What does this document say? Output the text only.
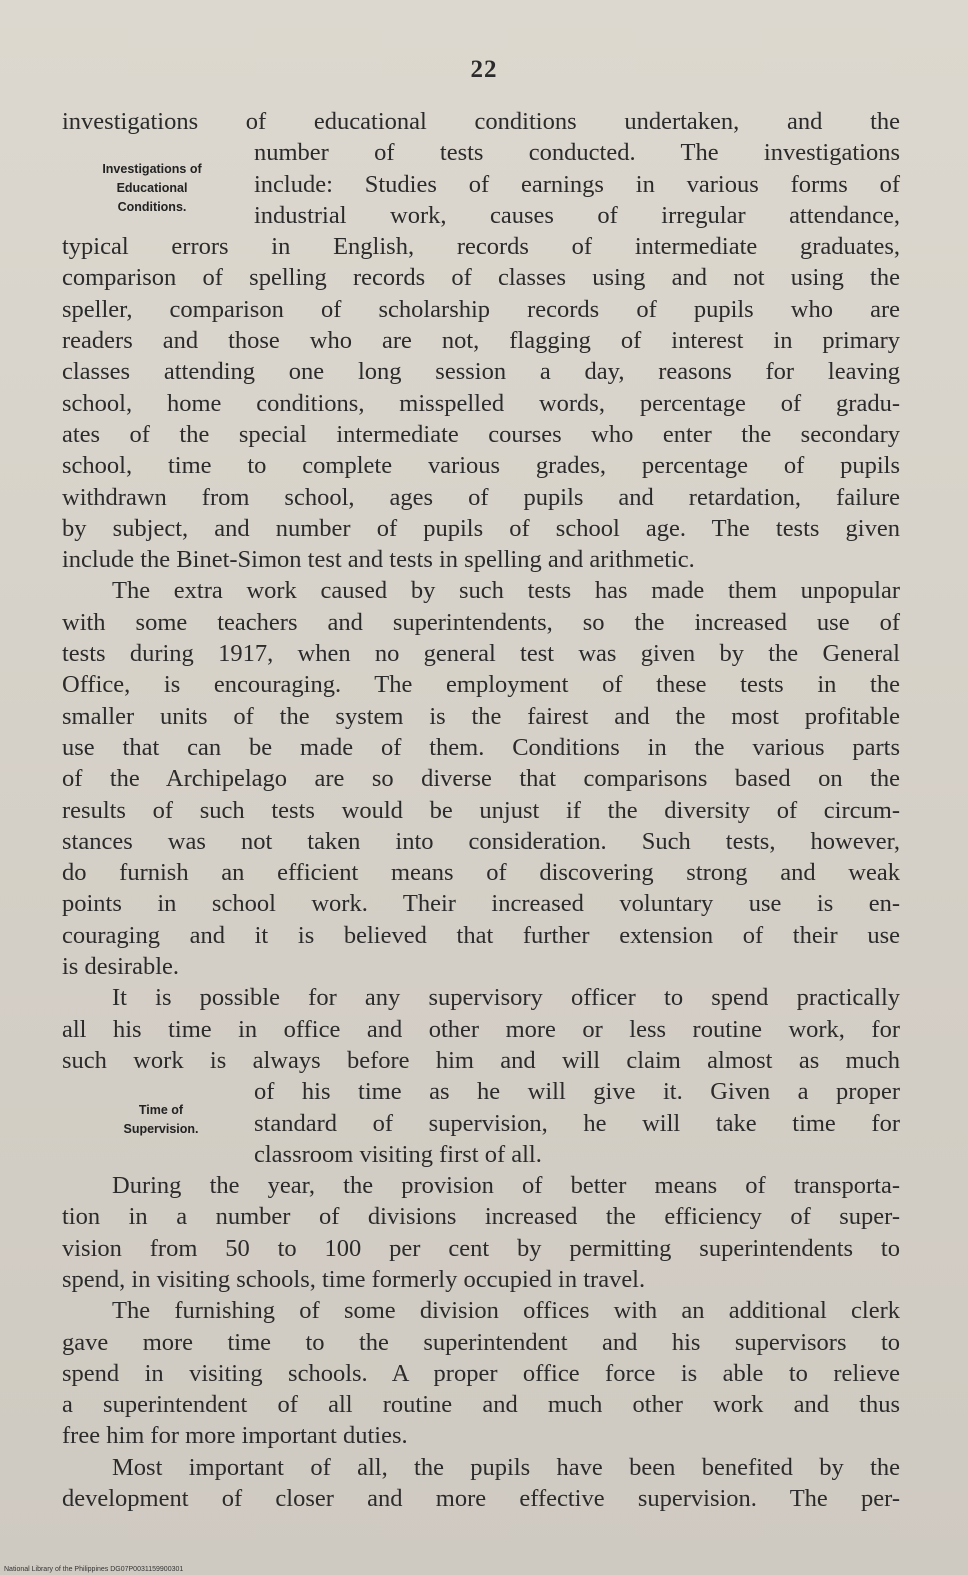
22
Investigations of
Educational
Conditions.
Time of
Supervision.
investigations of educational conditions undertaken, and the
number of tests conducted. The investigations
include: Studies of earnings in various forms of
industrial work, causes of irregular attendance,
typical errors in English, records of intermediate graduates,
comparison of spelling records of classes using and not using the
speller, comparison of scholarship records of pupils who are
readers and those who are not, flagging of interest in primary
classes attending one long session a day, reasons for leaving
school, home conditions, misspelled words, percentage of gradu-
ates of the special intermediate courses who enter the secondary
school, time to complete various grades, percentage of pupils
withdrawn from school, ages of pupils and retardation, failure
by subject, and number of pupils of school age. The tests given
include the Binet-Simon test and tests in spelling and arithmetic.
The extra work caused by such tests has made them unpopular
with some teachers and superintendents, so the increased use of
tests during 1917, when no general test was given by the General
Office, is encouraging. The employment of these tests in the
smaller units of the system is the fairest and the most profitable
use that can be made of them. Conditions in the various parts
of the Archipelago are so diverse that comparisons based on the
results of such tests would be unjust if the diversity of circum-
stances was not taken into consideration. Such tests, however,
do furnish an efficient means of discovering strong and weak
points in school work. Their increased voluntary use is en-
couraging and it is believed that further extension of their use
is desirable.
It is possible for any supervisory officer to spend practically
all his time in office and other more or less routine work, for
such work is always before him and will claim almost as much
of his time as he will give it. Given a proper
standard of supervision, he will take time for
classroom visiting first of all.
During the year, the provision of better means of transporta-
tion in a number of divisions increased the efficiency of super-
vision from 50 to 100 per cent by permitting superintendents to
spend, in visiting schools, time formerly occupied in travel.
The furnishing of some division offices with an additional clerk
gave more time to the superintendent and his supervisors to
spend in visiting schools. A proper office force is able to relieve
a superintendent of all routine and much other work and thus
free him for more important duties.
Most important of all, the pupils have been benefited by the
development of closer and more effective supervision. The per-
National Library of the Philippines DG07P0031159900301
